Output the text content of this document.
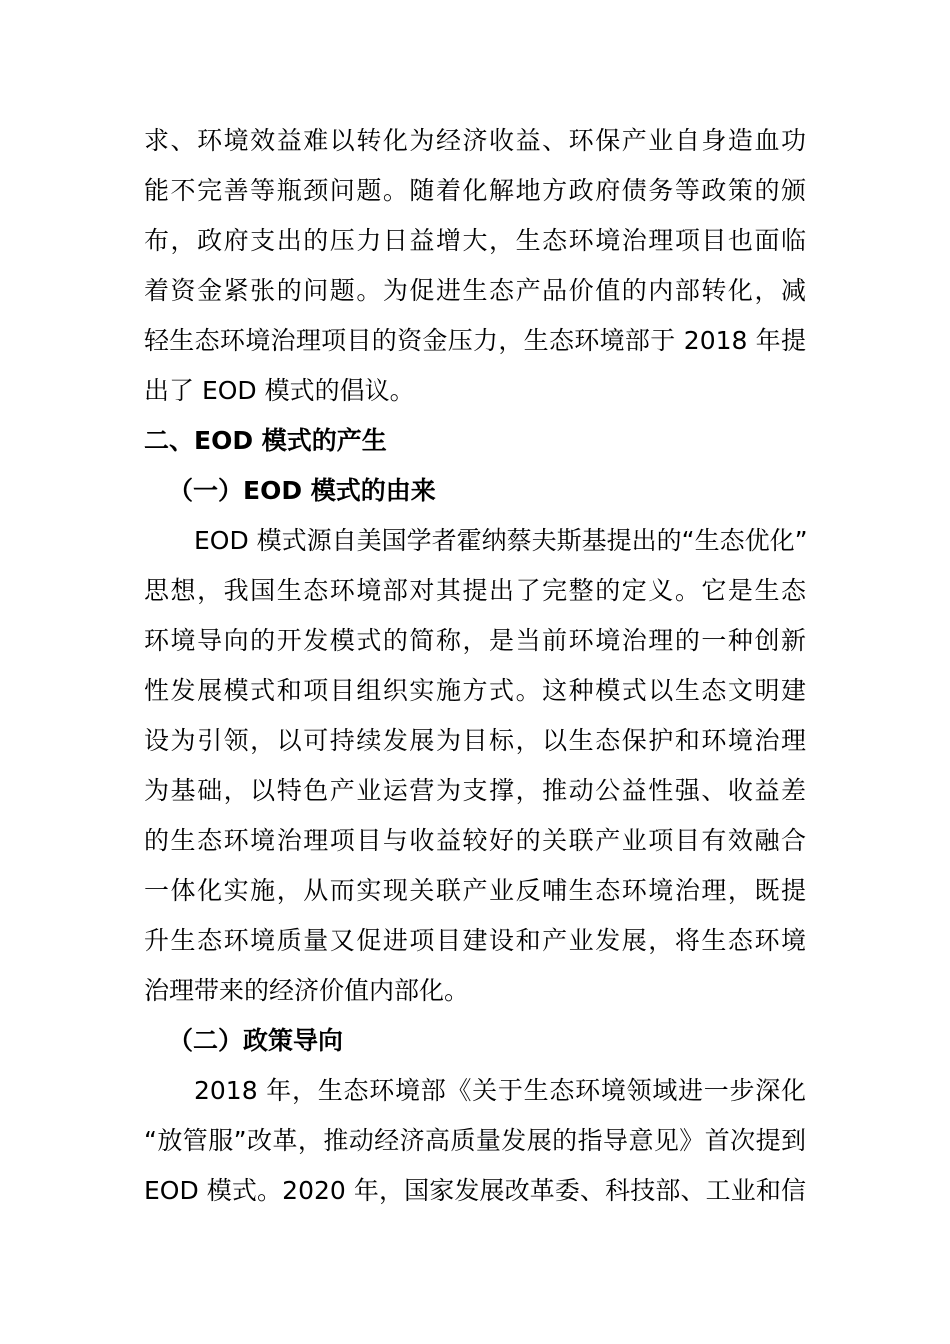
求、环境效益难以转化为经济收益、环保产业自身造血功
能不完善等瓶颈问题。随着化解地方政府债务等政策的颁
布，政府支出的压力日益增大，生态环境治理项目也面临
着资金紧张的问题。为促进生态产品价值的内部转化，减
轻生态环境治理项目的资金压力，生态环境部于 2018 年提
出了 EOD 模式的倡议。
二、EOD 模式的产生
（一）EOD 模式的由来
EOD 模式源自美国学者霍纳蔡夫斯基提出的“生态优化”
思想，我国生态环境部对其提出了完整的定义。它是生态
环境导向的开发模式的简称，是当前环境治理的一种创新
性发展模式和项目组织实施方式。这种模式以生态文明建
设为引领，以可持续发展为目标，以生态保护和环境治理
为基础，以特色产业运营为支撑，推动公益性强、收益差
的生态环境治理项目与收益较好的关联产业项目有效融合
一体化实施，从而实现关联产业反哺生态环境治理，既提
升生态环境质量又促进项目建设和产业发展，将生态环境
治理带来的经济价值内部化。
（二）政策导向
2018 年，生态环境部《关于生态环境领域进一步深化
“放管服”改革，推动经济高质量发展的指导意见》首次提到
EOD 模式。2020 年，国家发展改革委、科技部、工业和信
